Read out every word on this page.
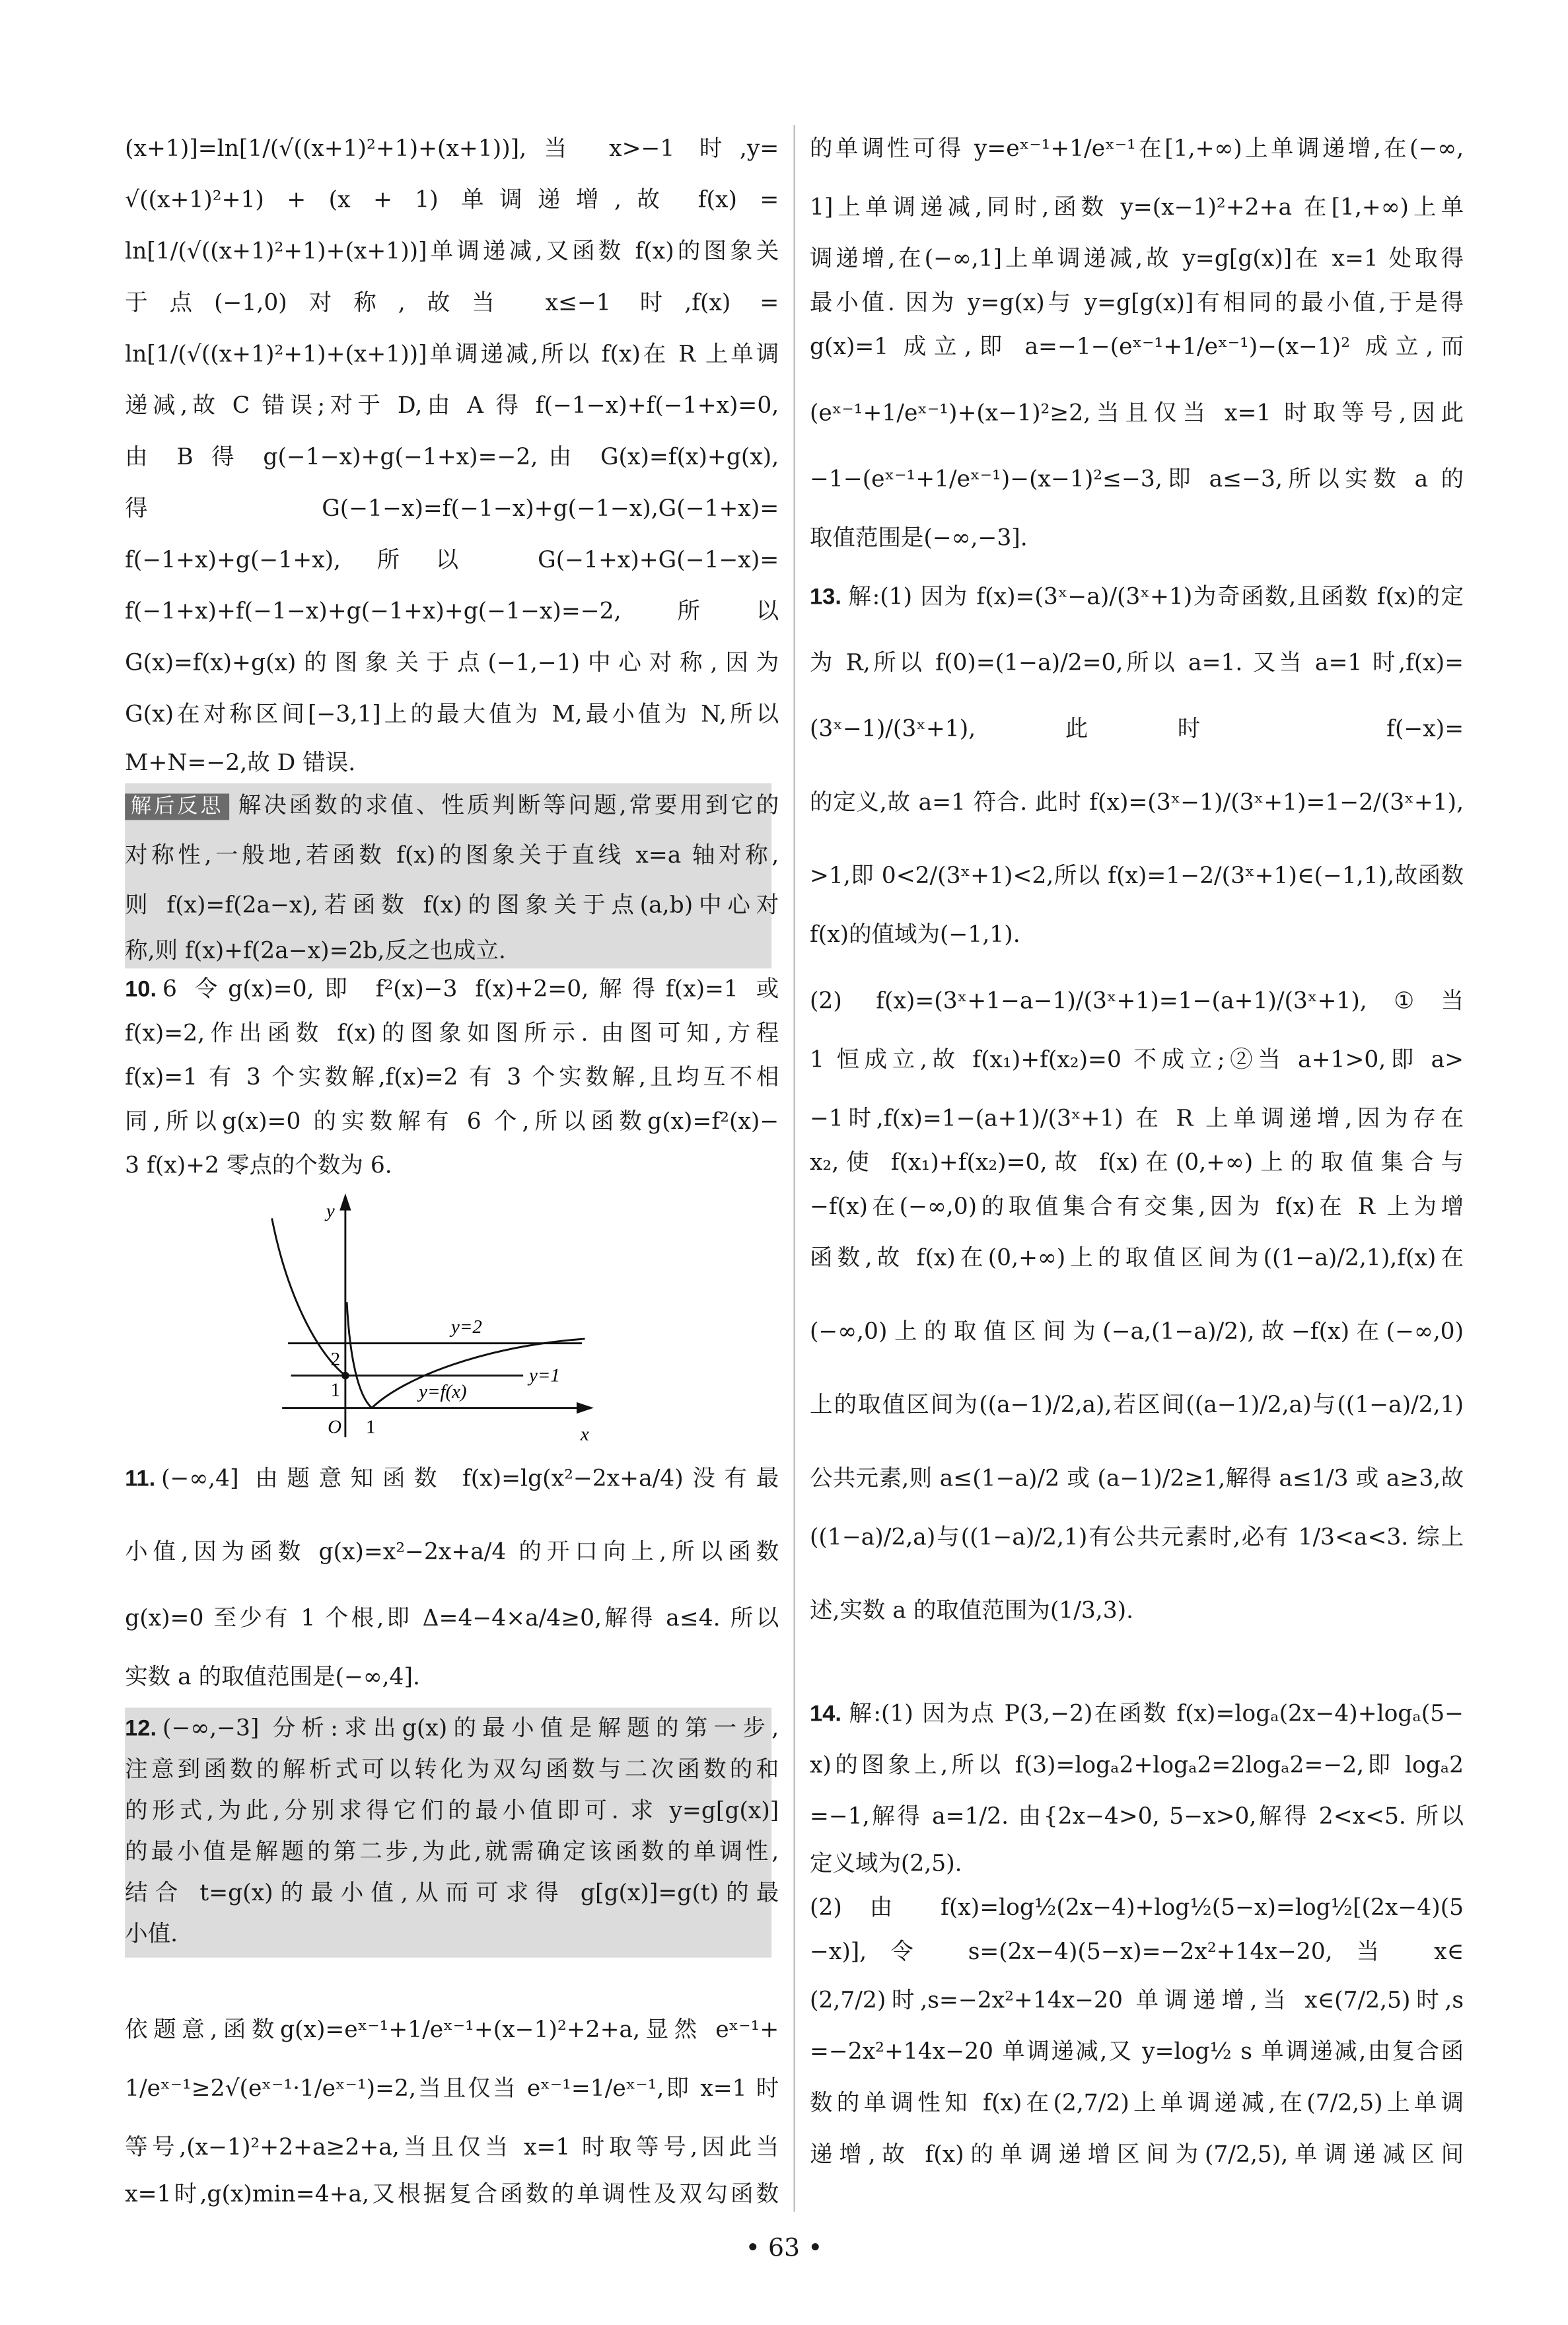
(x+1)]=ln[1/(√((x+1)²+1)+(x+1))],当 x>−1 时,y=
√((x+1)²+1) + (x + 1) 单调递增,故 f(x) =
ln[1/(√((x+1)²+1)+(x+1))]单调递减,又函数 f(x)的图象关
于点(−1,0)对称,故当 x≤−1 时,f(x) =
ln[1/(√((x+1)²+1)+(x+1))]单调递减,所以 f(x)在 R 上单调
递减,故 C 错误;对于 D,由 A 得 f(−1−x)+f(−1+x)=0,
由 B 得 g(−1−x)+g(−1+x)=−2,由 G(x)=f(x)+g(x),
得 G(−1−x)=f(−1−x)+g(−1−x),G(−1+x)=
f(−1+x)+g(−1+x),所以 G(−1+x)+G(−1−x)=
f(−1+x)+f(−1−x)+g(−1+x)+g(−1−x)=−2,所以
G(x)=f(x)+g(x)的图象关于点(−1,−1)中心对称,因为
G(x)在对称区间[−3,1]上的最大值为 M,最小值为 N,所以
M+N=−2,故 D 错误.
解后反思 解决函数的求值、性质判断等问题,常要用到它的
对称性,一般地,若函数 f(x)的图象关于直线 x=a 轴对称,
则 f(x)=f(2a−x),若函数 f(x)的图象关于点(a,b)中心对
称,则 f(x)+f(2a−x)=2b,反之也成立.
10. 6 令g(x)=0,即 f²(x)−3 f(x)+2=0,解得f(x)=1 或
f(x)=2,作出函数 f(x)的图象如图所示. 由图可知,方程
f(x)=1 有 3 个实数解,f(x)=2 有 3 个实数解,且均互不相
同,所以g(x)=0 的实数解有 6 个,所以函数g(x)=f²(x)−
3 f(x)+2 零点的个数为 6.
11. (−∞,4] 由题意知函数 f(x)=lg(x²−2x+a/4)没有最
小值,因为函数 g(x)=x²−2x+a/4 的开口向上,所以函数
g(x)=0 至少有 1 个根,即 Δ=4−4×a/4≥0,解得 a≤4. 所以
实数 a 的取值范围是(−∞,4].
12. (−∞,−3] 分析:求出g(x)的最小值是解题的第一步,
注意到函数的解析式可以转化为双勾函数与二次函数的和
的形式,为此,分别求得它们的最小值即可. 求 y=g[g(x)]
的最小值是解题的第二步,为此,就需确定该函数的单调性,
结合 t=g(x)的最小值,从而可求得 g[g(x)]=g(t)的最
小值.
依题意,函数g(x)=eˣ⁻¹+1/eˣ⁻¹+(x−1)²+2+a,显然 eˣ⁻¹+
1/eˣ⁻¹≥2√(eˣ⁻¹·1/eˣ⁻¹)=2,当且仅当 eˣ⁻¹=1/eˣ⁻¹,即 x=1 时
等号,(x−1)²+2+a≥2+a,当且仅当 x=1 时取等号,因此当
x=1时,g(x)min=4+a,又根据复合函数的单调性及双勾函数
的单调性可得 y=eˣ⁻¹+1/eˣ⁻¹在[1,+∞)上单调递增,在(−∞,
1]上单调递减,同时,函数 y=(x−1)²+2+a 在[1,+∞)上单
调递增,在(−∞,1]上单调递减,故 y=g[g(x)]在 x=1 处取得
最小值. 因为 y=g(x)与 y=g[g(x)]有相同的最小值,于是得
g(x)=1 成立,即 a=−1−(eˣ⁻¹+1/eˣ⁻¹)−(x−1)² 成立,而
(eˣ⁻¹+1/eˣ⁻¹)+(x−1)²≥2,当且仅当 x=1 时取等号,因此
−1−(eˣ⁻¹+1/eˣ⁻¹)−(x−1)²≤−3,即 a≤−3,所以实数 a 的
取值范围是(−∞,−3].
13. 解:(1) 因为 f(x)=(3ˣ−a)/(3ˣ+1)为奇函数,且函数 f(x)的定
为 R,所以 f(0)=(1−a)/2=0,所以 a=1. 又当 a=1 时,f(x)=
(3ˣ−1)/(3ˣ+1),此时 f(−x)=
的定义,故 a=1 符合. 此时 f(x)=(3ˣ−1)/(3ˣ+1)=1−2/(3ˣ+1),
>1,即 0<2/(3ˣ+1)<2,所以 f(x)=1−2/(3ˣ+1)∈(−1,1),故函数
f(x)的值域为(−1,1).
(2) f(x)=(3ˣ+1−a−1)/(3ˣ+1)=1−(a+1)/(3ˣ+1),①当
1 恒成立,故 f(x₁)+f(x₂)=0 不成立;②当 a+1>0,即 a>
−1时,f(x)=1−(a+1)/(3ˣ+1) 在 R 上单调递增,因为存在
x₂,使 f(x₁)+f(x₂)=0,故 f(x)在(0,+∞)上的取值集合与
−f(x)在(−∞,0)的取值集合有交集,因为 f(x)在 R 上为增
函数,故 f(x)在(0,+∞)上的取值区间为((1−a)/2,1),f(x)在
(−∞,0)上的取值区间为(−a,(1−a)/2),故−f(x)在(−∞,0)
上的取值区间为((a−1)/2,a),若区间((a−1)/2,a)与((1−a)/2,1)
公共元素,则 a≤(1−a)/2 或 (a−1)/2≥1,解得 a≤1/3 或 a≥3,故
((1−a)/2,a)与((1−a)/2,1)有公共元素时,必有 1/3<a<3. 综上
述,实数 a 的取值范围为(1/3,3).
14. 解:(1) 因为点 P(3,−2)在函数 f(x)=logₐ(2x−4)+logₐ(5−
x)的图象上,所以 f(3)=logₐ2+logₐ2=2logₐ2=−2,即 logₐ2
=−1,解得 a=1/2. 由{2x−4>0, 5−x>0,解得 2<x<5. 所以
定义域为(2,5).
(2) 由 f(x)=log½(2x−4)+log½(5−x)=log½[(2x−4)(5
−x)],令 s=(2x−4)(5−x)=−2x²+14x−20,当 x∈
(2,7/2)时,s=−2x²+14x−20 单调递增,当 x∈(7/2,5)时,s
=−2x²+14x−20 单调递减,又 y=log½ s 单调递减,由复合函
数的单调性知 f(x)在(2,7/2)上单调递减,在(7/2,5)上单调
递增,故 f(x)的单调递增区间为(7/2,5),单调递减区间
y
x
O
2
1
1
y=2
y=1
y=f(x)
• 63 •
